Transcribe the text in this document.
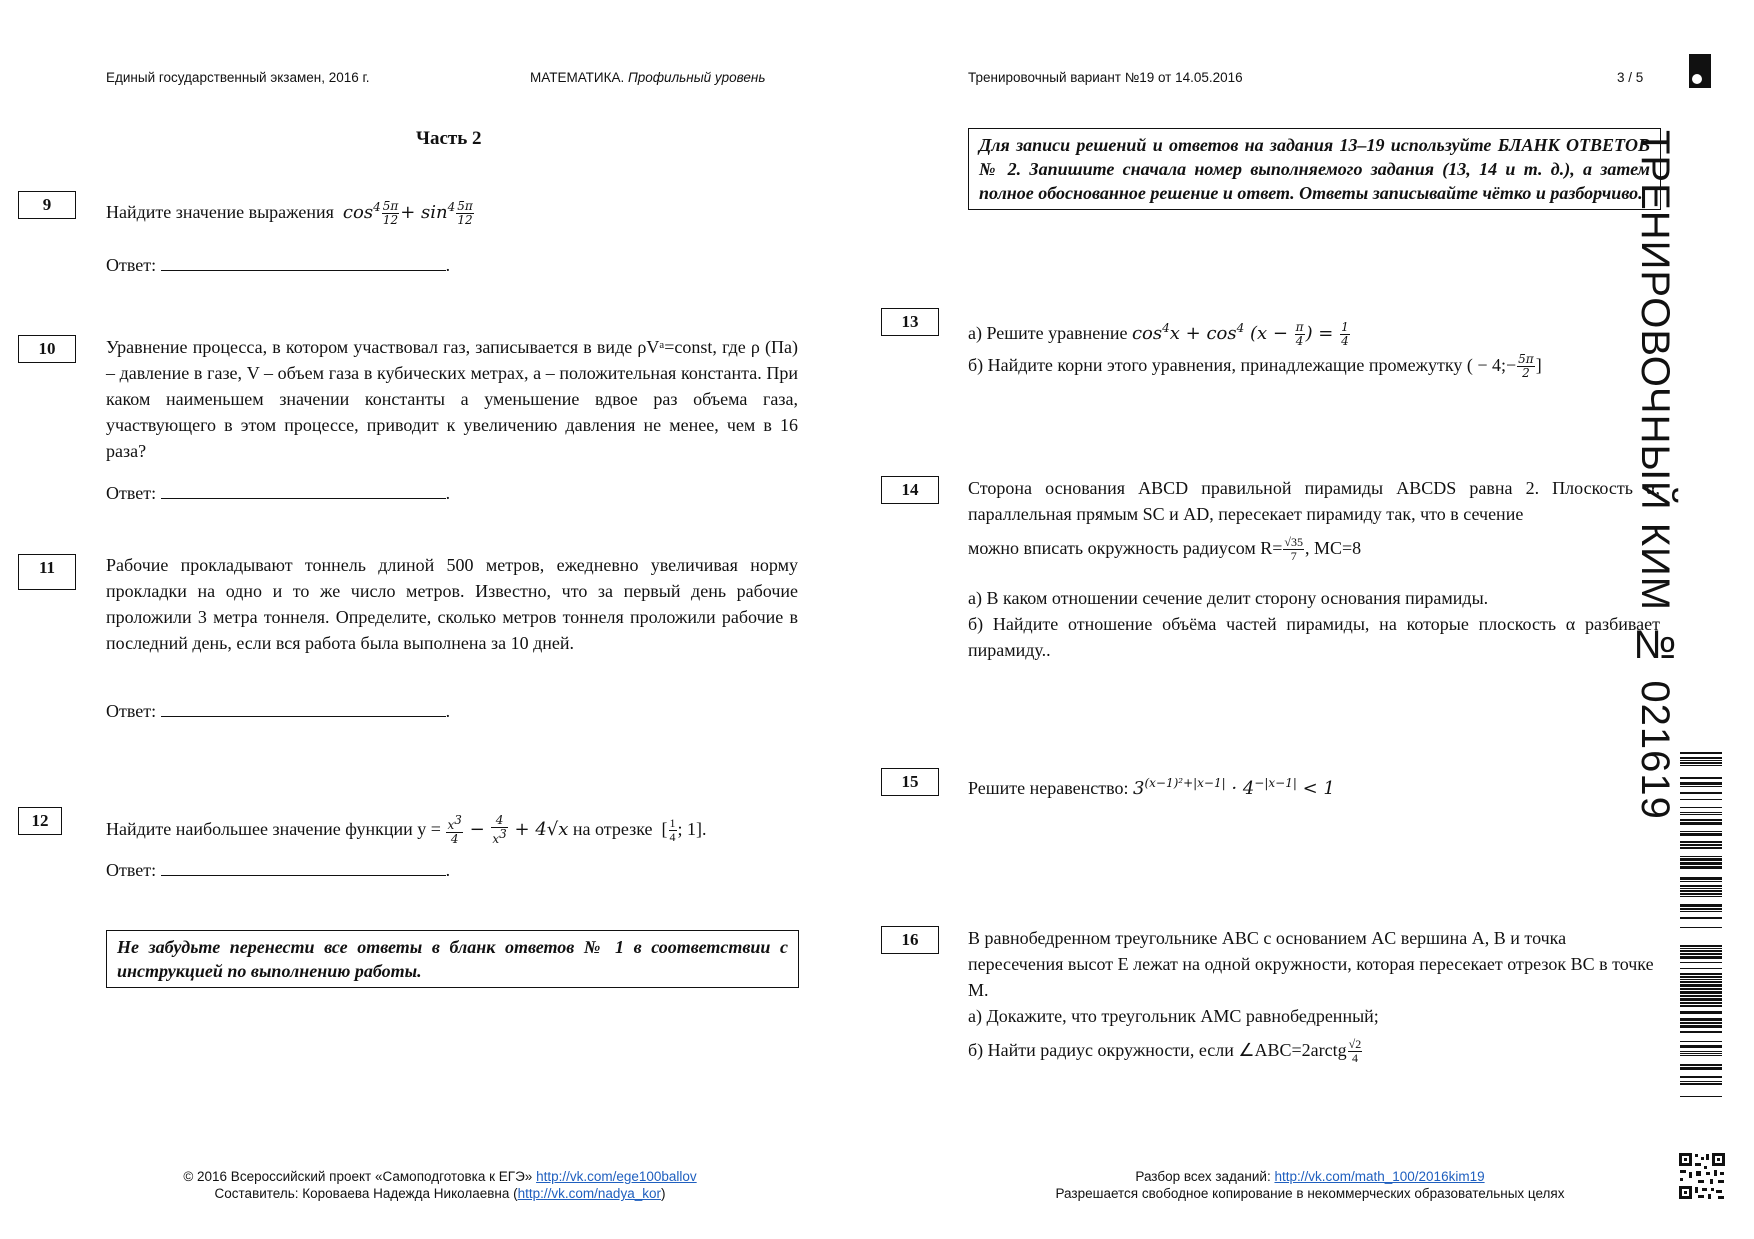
Единый государственный экзамен, 2016 г.	МАТЕМАТИКА. Профильный уровень	Тренировочный вариант №19 от 14.05.2016	3 / 5
Часть 2
9	Найдите значение выражения $\cos^4 \frac{5\pi}{12} + \sin^4 \frac{5\pi}{12}$
Ответ:	.
10	Уравнение процесса, в котором участвовал газ, записывается в виде ρVᵃ=const, где ρ (Па) – давление в газе, V – объем газа в кубических метрах, a – положительная константа. При каком наименьшем значении константы a уменьшение вдвое раз объема газа, участвующего в этом процессе, приводит к увеличению давления не менее, чем в 16 раза?
Ответ:	.
11	Рабочие прокладывают тоннель длиной 500 метров, ежедневно увеличивая норму прокладки на одно и то же число метров. Известно, что за первый день рабочие проложили 3 метра тоннеля. Определите, сколько метров тоннеля проложили рабочие в последний день, если вся работа была выполнена за 10 дней.
Ответ:	.
12	Найдите наибольшее значение функции $y = \frac{x^3}{4} - \frac{4}{x^3} + 4√x$ на отрезке [ $\frac{1}{4}$ ; 1].
Ответ:	.
Не забудьте перенести все ответы в бланк ответов № 1 в соответствии с инструкцией по выполнению работы.
Для записи решений и ответов на задания 13–19 используйте БЛАНК ОТВЕТОВ № 2. Запишите сначала номер выполняемого задания (13, 14 и т. д.), а затем полное обоснованное решение и ответ. Ответы записывайте чётко и разборчиво.
13
а) Решите уравнение $\cos^4x + \cos^4 (x - \frac{\pi}{4}$ ) = $\frac{1}{4}$
б) Найдите корни этого уравнения, принадлежащие промежутку ( − 4;− $\frac{5\pi}{2}$ ]
14	Сторона основания ABCD правильной пирамиды ABCDS равна 2. Плоскость α, параллельная прямым SC и AD, пересекает пирамиду так, что в сечение
можно вписать окружность радиусом $R= \frac{√35}{7}$ , MC=8
а) В каком отношении сечение делит сторону основания пирамиды.
б) Найдите отношение объёма частей пирамиды, на которые плоскость α разбивает пирамиду..
15	Решите неравенство: $3^{(x-1)^2+|x-1|} \cdot 4^{-|x-1|} < 1$
16	В равнобедренном треугольнике ABC с основанием AC вершина A, B и точка пересечения высот E лежат на одной окружности, которая пересекает отрезок BC в точке M.
а) Докажите, что треугольник AMC равнобедренный;
б) Найти радиус окружности, если ∠ABC=2arctg $\frac{√2}{4}$
ТРЕНИРОВОЧНЫЙ КИМ № 021619
© 2016 Всероссийский проект «Самоподготовка к ЕГЭ» http://vk.com/ege100ballov
Составитель: Коровaева Надежда Николаевна (http://vk.com/nadya_kor)
Разбор всех заданий: http://vk.com/math_100/2016kim19
Разрешается свободное копирование в некоммерческих образовательных целях
